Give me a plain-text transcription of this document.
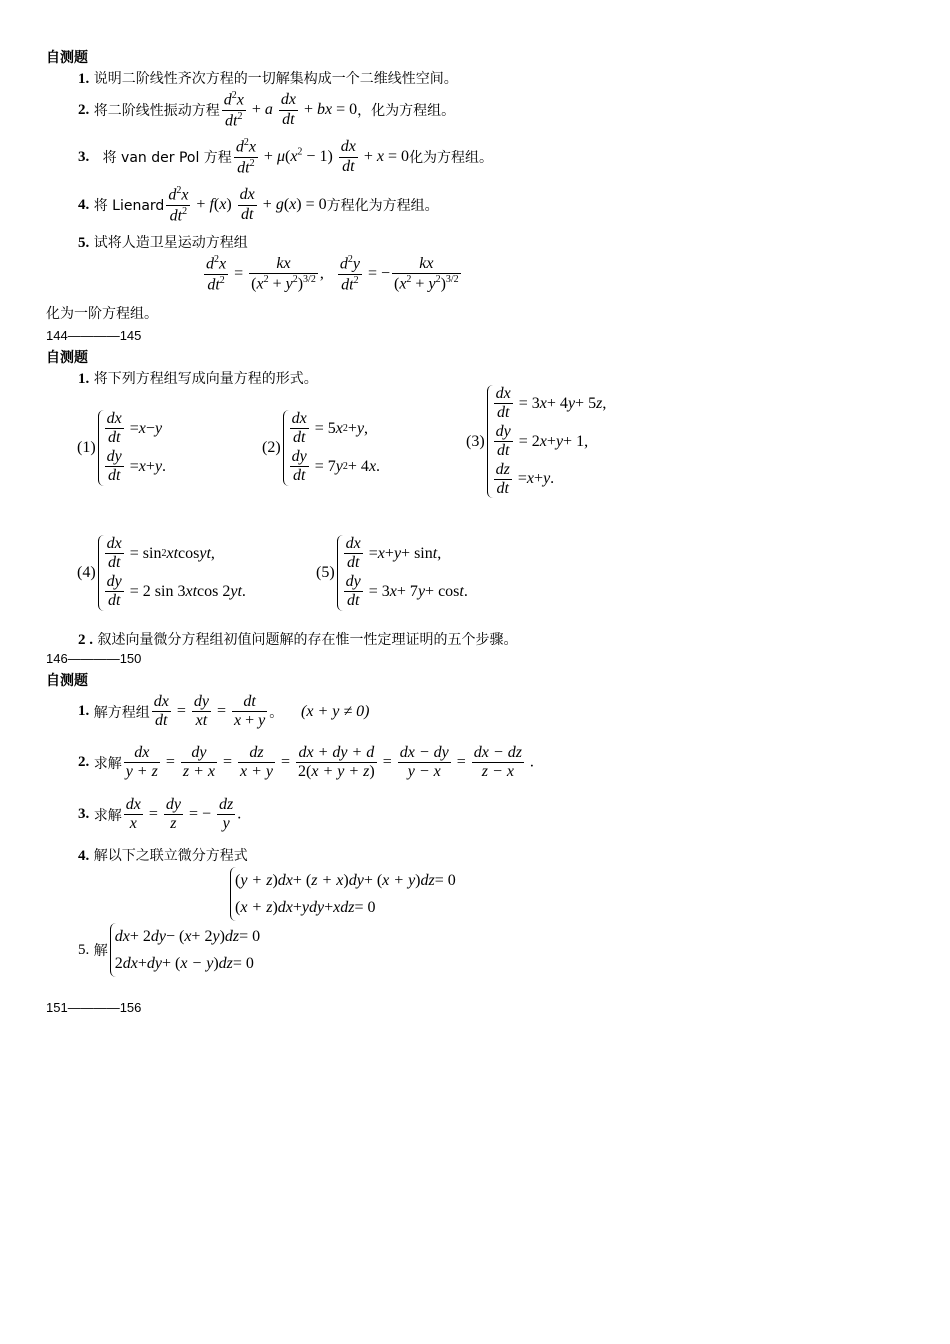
自测题
1. 说明二阶线性齐次方程的一切解集构成一个二维线性空间。
2.
将二阶线性振动方程 $\frac{d^2x}{dt^2} + a \frac{dx}{dt}$ + bx = 0 ，化为方程组。
3.
将 van der Pol 方程 $\frac{d^2x}{dt^2} + \mu(x^2 - 1) \frac{dx}{dt} + x = 0$ 化为方程组。
4.
将 Lienard $\frac{d^2x}{dt^2} + f(x) \frac{dx}{dt} + g(x) = 0$ 方程化为方程组。
5. 试将人造卫星运动方程组
$\frac{d^2x}{dt^2} = \frac{kx}{(x^2 + y^2)^{3/2}}$ , $\frac{d^2y}{dt^2}$ = − $\frac{kx}{(x^2 + y^2)^{3/2}}$
化为一阶方程组。
144————145
自测题
1. 将下列方程组写成向量方程的形式。
$(1) \frac{dx}{dt} = x - y$
$\frac{dy}{dt} = x + y$ .
$(2) \frac{dx}{dt} = 5$ x 2 + y ,
$\frac{dy}{dt} = 7$ y 2 + 4 x .
(3)
$\frac{dx}{dt} = 3$ x + 4 y + 5 z ,
$\frac{dy}{dt} = 2$ x + y + 1,
$\frac{dz}{dt} = x + y$ .
$(4) \frac{dx}{dt} = \sin 2$ xt cos yt ,
$\frac{dy}{dt} = 2$ sin 3 xt cos 2 yt .
$(5) \frac{dx}{dt} = x + y + \sin t$ ,
$\frac{dy}{dt} = 3$ x + 7 y + cos t .
2 . 叙述向量微分方程组初值问题解的存在惟一性定理证明的五个步骤。
146————150
自测题
1.
解方程组 $\frac{dx}{dt} = \frac{dy}{xt} = \frac{dt}{x + y}$ 。
(x + y ≠ 0)
2.
求解 $\frac{dx}{y + z} = \frac{dy}{z + x} = \frac{dz}{x + y} = \frac{dx + dy + d}{2(x + y + z)} = \frac{dx - dy}{y - x} = \frac{dx - dz}{z - x}$ .
3.
求解 $\frac{dx}{x} = \frac{dy}{z}$ = − $\frac{dz}{y}$ .
4. 解以下之联立微分方程式
( y + z ) dx + ( z + x ) dy + ( x + y ) dz = 0
( x + z ) dx + ydy + xdz = 0
5.
解
dx + 2 dy − ( x + 2 y ) dz = 0
2 dx + dy + ( x − y ) dz = 0
151————156
